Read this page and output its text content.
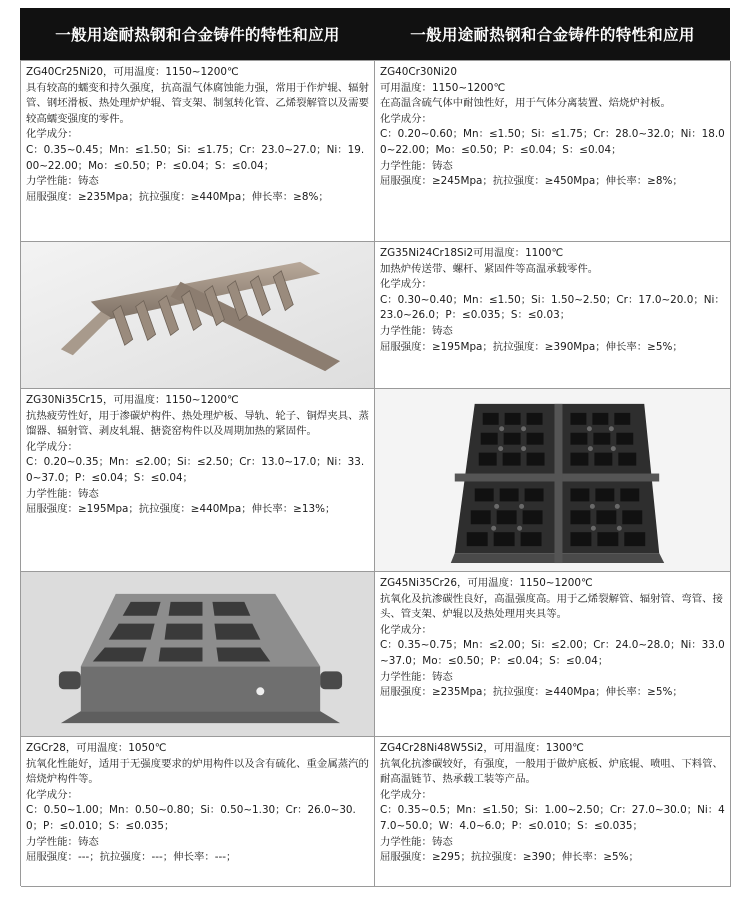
一般用途耐热钢和合金铸件的特性和应用	一般用途耐热钢和合金铸件的特性和应用

ZG40Cr25Ni20，可用温度：1150~1200℃

具有较高的蠕变和持久强度，抗高温气体腐蚀能力强，常用于作炉辊、辐射管、钢坯滑板、热处理炉炉辊、管支架、制氢转化管、乙烯裂解管以及需要较高蠕变强度的零件。

化学成分：

C：0.35~0.45；Mn：≤1.50；Si：≤1.75；Cr：23.0~27.0；Ni：19.00~22.00；Mo：≤0.50；P：≤0.04；S：≤0.04；

力学性能：铸态

屈服强度：≥235Mpa；抗拉强度：≥440Mpa；伸长率：≥8%；

ZG40Cr30Ni20

可用温度：1150~1200℃

在高温含硫气体中耐蚀性好，用于气体分离装置、焙烧炉衬板。

化学成分：

C：0.20~0.60；Mn：≤1.50；Si：≤1.75；Cr：28.0~32.0；Ni：18.00~22.00；Mo：≤0.50；P：≤0.04；S：≤0.04；

力学性能：铸态

屈服强度：≥245Mpa；抗拉强度：≥450Mpa；伸长率：≥8%；

ZG35Ni24Cr18Si2可用温度：1100℃

加热炉传送带、螺杆、紧固件等高温承载零件。

化学成分：

C：0.30~0.40；Mn：≤1.50；Si：1.50~2.50；Cr：17.0~20.0；Ni：23.0~26.0；P：≤0.035；S：≤0.03；

力学性能：铸态

屈服强度：≥195Mpa；抗拉强度：≥390Mpa；伸长率：≥5%；

ZG30Ni35Cr15，可用温度：1150~1200℃

抗热疲劳性好，用于渗碳炉构件、热处理炉板、导轨、轮子、铜焊夹具、蒸馏器、辐射管、剥皮轧辊、搪瓷窑构件以及周期加热的紧固件。

化学成分：

C：0.20~0.35；Mn：≤2.00；Si：≤2.50；Cr：13.0~17.0；Ni：33.0~37.0；P：≤0.04；S：≤0.04；

力学性能：铸态

屈服强度：≥195Mpa；抗拉强度：≥440Mpa；伸长率：≥13%；

ZG45Ni35Cr26，可用温度：1150~1200℃

抗氧化及抗渗碳性良好，高温强度高。用于乙烯裂解管、辐射管、弯管、接头、管支架、炉辊以及热处理用夹具等。

化学成分：

C：0.35~0.75；Mn：≤2.00；Si：≤2.00；Cr：24.0~28.0；Ni：33.0~37.0；Mo：≤0.50；P：≤0.04；S：≤0.04；

力学性能：铸态

屈服强度：≥235Mpa；抗拉强度：≥440Mpa；伸长率：≥5%；

ZGCr28，可用温度：1050℃

抗氧化性能好，适用于无强度要求的炉用构件以及含有硫化、重金属蒸汽的焙烧炉构件等。

化学成分：

C：0.50~1.00；Mn：0.50~0.80；Si：0.50~1.30；Cr：26.0~30.0；P：≤0.010；S：≤0.035；

力学性能：铸态

屈服强度：---；抗拉强度：---；伸长率：---；

ZG4Cr28Ni48W5Si2，可用温度：1300℃

抗氧化抗渗碳较好，有强度，一般用于做炉底板、炉底辊、喷咀、下料管、耐高温链节、热承载工装等产品。

化学成分：

C：0.35~0.5；Mn：≤1.50；Si：1.00~2.50；Cr：27.0~30.0；Ni：47.0~50.0；W：4.0~6.0；P：≤0.010；S：≤0.035；

力学性能：铸态

屈服强度：≥295；抗拉强度：≥390；伸长率：≥5%；
